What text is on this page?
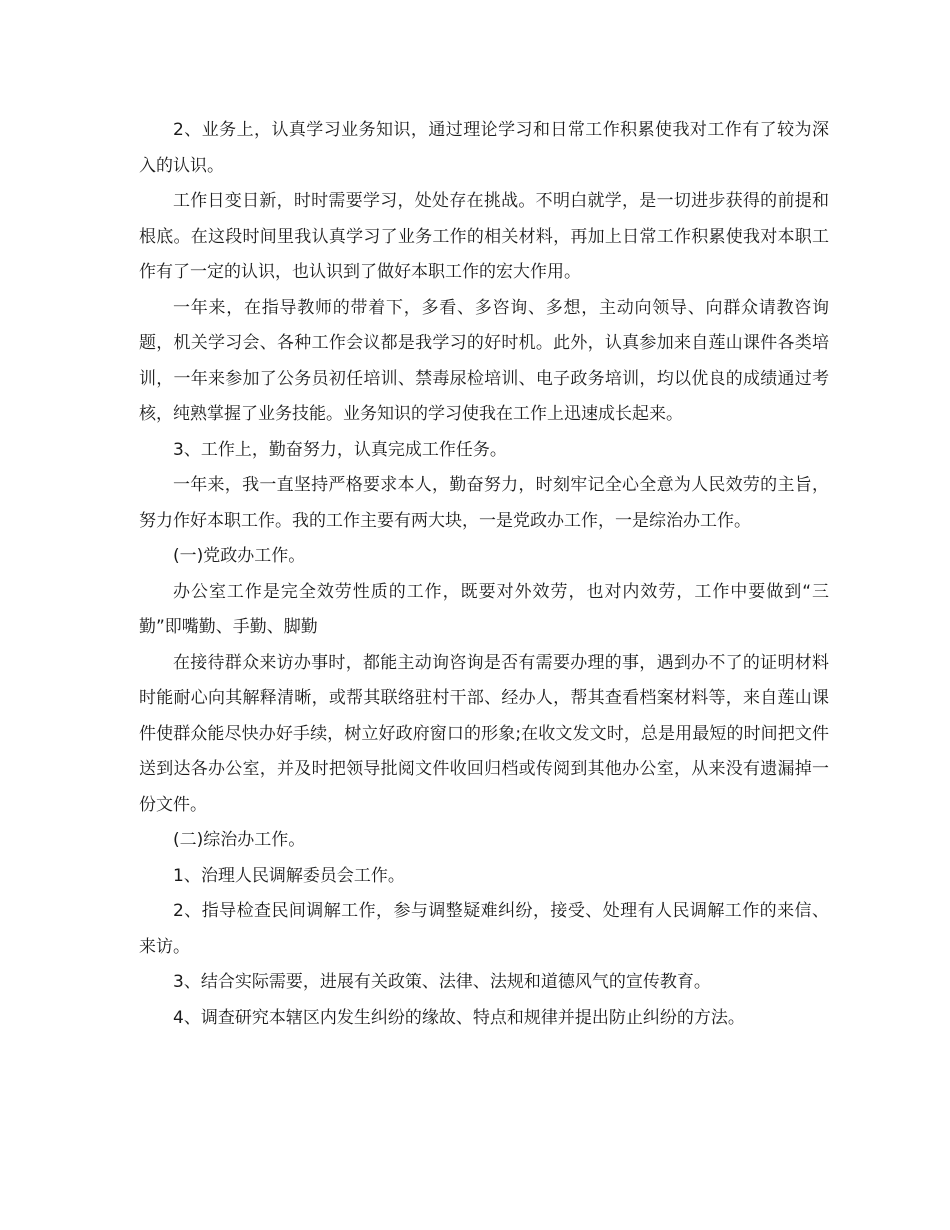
2、业务上，认真学习业务知识，通过理论学习和日常工作积累使我对工作有了较为深入的认识。

工作日变日新，时时需要学习，处处存在挑战。不明白就学，是一切进步获得的前提和根底。在这段时间里我认真学习了业务工作的相关材料，再加上日常工作积累使我对本职工作有了一定的认识，也认识到了做好本职工作的宏大作用。

一年来，在指导教师的带着下，多看、多咨询、多想，主动向领导、向群众请教咨询题，机关学习会、各种工作会议都是我学习的好时机。此外，认真参加来自莲山课件各类培训，一年来参加了公务员初任培训、禁毒尿检培训、电子政务培训，均以优良的成绩通过考核，纯熟掌握了业务技能。业务知识的学习使我在工作上迅速成长起来。

3、工作上，勤奋努力，认真完成工作任务。

一年来，我一直坚持严格要求本人，勤奋努力，时刻牢记全心全意为人民效劳的主旨，努力作好本职工作。我的工作主要有两大块，一是党政办工作，一是综治办工作。

(一)党政办工作。

办公室工作是完全效劳性质的工作，既要对外效劳，也对内效劳，工作中要做到“三勤”即嘴勤、手勤、脚勤

在接待群众来访办事时，都能主动询咨询是否有需要办理的事，遇到办不了的证明材料时能耐心向其解释清晰，或帮其联络驻村干部、经办人，帮其查看档案材料等，来自莲山课件使群众能尽快办好手续，树立好政府窗口的形象;在收文发文时，总是用最短的时间把文件送到达各办公室，并及时把领导批阅文件收回归档或传阅到其他办公室，从来没有遗漏掉一份文件。

(二)综治办工作。

1、治理人民调解委员会工作。

2、指导检查民间调解工作，参与调整疑难纠纷，接受、处理有人民调解工作的来信、来访。

3、结合实际需要，进展有关政策、法律、法规和道德风气的宣传教育。

4、调查研究本辖区内发生纠纷的缘故、特点和规律并提出防止纠纷的方法。
